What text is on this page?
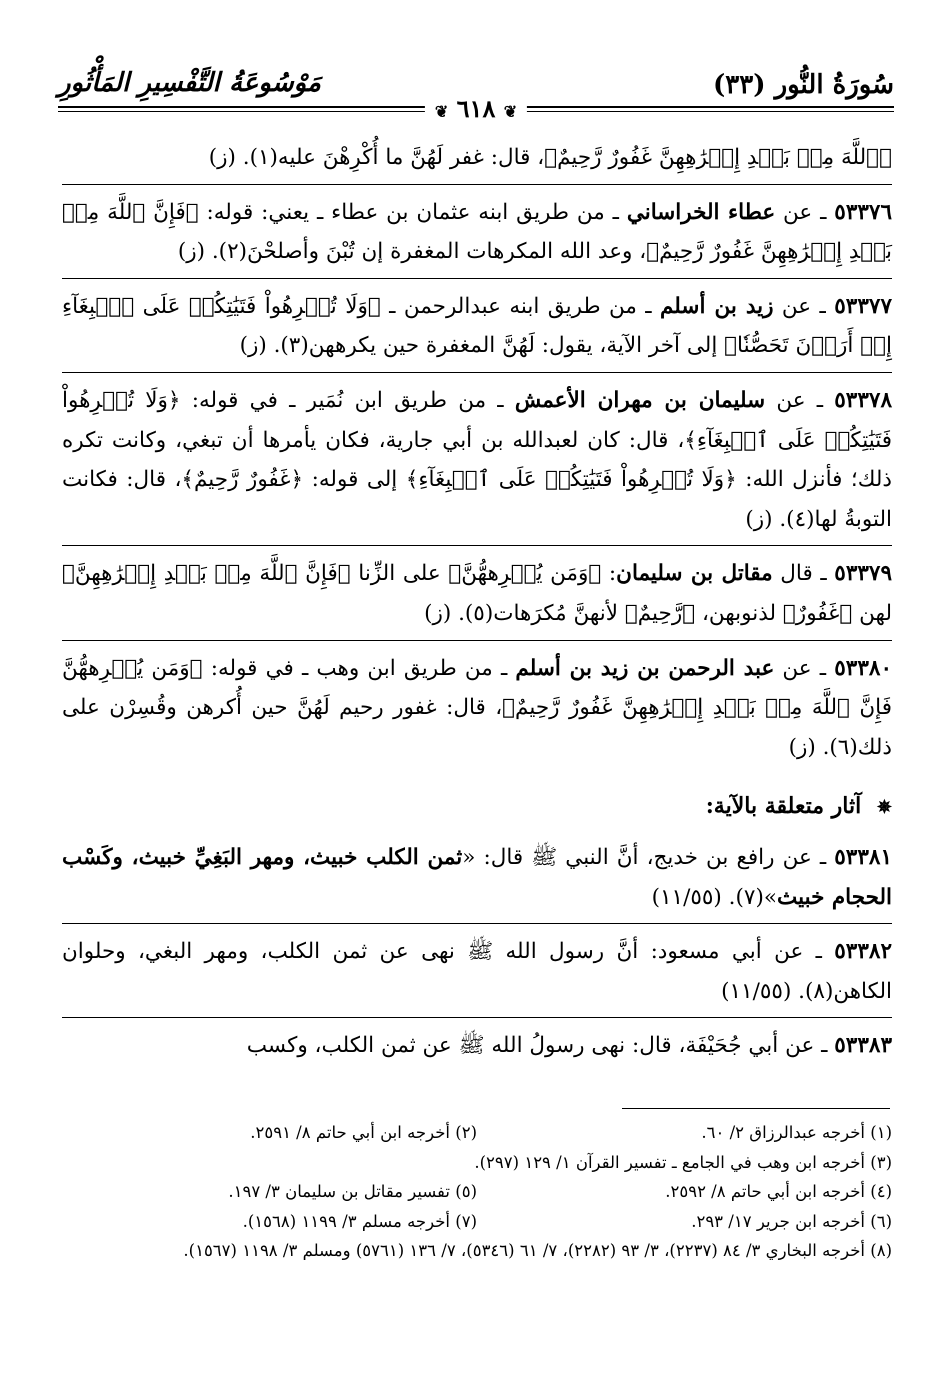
سُورَةُ النُّور (٣٣)
مَوْسُوعَةُ التَّفْسِيرِ المَأْثُورِ
❦ ٦١٨ ❦
﴿ٱللَّهَ مِنۢ بَعۡدِ إِكۡرَٰهِهِنَّ غَفُورٌ رَّحِيمٌ﴾، قال: غفر لَهُنَّ ما أُكْرِهْنَ عليه(١). (ز)
٥٣٣٧٦ ـ عن عطاء الخراساني ـ من طريق ابنه عثمان بن عطاء ـ يعني: قوله: ﴿فَإِنَّ ٱللَّهَ مِنۢ بَعۡدِ إِكۡرَٰهِهِنَّ غَفُورٌ رَّحِيمٌ﴾، وعد الله المكرهات المغفرة إن تُبْنَ وأصلحْنَ(٢). (ز)
٥٣٣٧٧ ـ عن زيد بن أسلم ـ من طريق ابنه عبدالرحمن ـ ﴿وَلَا تُكۡرِهُواْ فَتَيَٰتِكُمۡ عَلَى ٱلۡبِغَآءِ إِنۡ أَرَدۡنَ تَحَصُّنٗا﴾ إلى آخر الآية، يقول: لَهُنَّ المغفرة حين يكرههن(٣). (ز)
٥٣٣٧٨ ـ عن سليمان بن مهران الأعمش ـ من طريق ابن نُمَير ـ في قوله: ﴿وَلَا تُكۡرِهُواْ فَتَيَٰتِكُمۡ عَلَى ٱلۡبِغَآءِ﴾، قال: كان لعبدالله بن أبي جارية، فكان يأمرها أن تبغي، وكانت تكره ذلك؛ فأنزل الله: ﴿وَلَا تُكۡرِهُواْ فَتَيَٰتِكُمۡ عَلَى ٱلۡبِغَآءِ﴾ إلى قوله: ﴿غَفُورٌ رَّحِيمٌ﴾، قال: فكانت التوبةُ لها(٤). (ز)
٥٣٣٧٩ ـ قال مقاتل بن سليمان: ﴿وَمَن يُكۡرِههُّنَّ﴾ على الزِّنا ﴿فَإِنَّ ٱللَّهَ مِنۢ بَعۡدِ إِكۡرَٰهِهِنَّ﴾ لهن ﴿غَفُورٌ﴾ لذنوبهن، ﴿رَّحِيمٌ﴾ لأنهنَّ مُكرَهات(٥). (ز)
٥٣٣٨٠ ـ عن عبد الرحمن بن زيد بن أسلم ـ من طريق ابن وهب ـ في قوله: ﴿وَمَن يُكۡرِههُّنَّ فَإِنَّ ٱللَّهَ مِنۢ بَعۡدِ إِكۡرَٰهِهِنَّ غَفُورٌ رَّحِيمٌ﴾، قال: غفور رحيم لَهُنَّ حين أُكرهن وقُسِرْن على ذلك(٦). (ز)
✵ آثار متعلقة بالآية:
٥٣٣٨١ ـ عن رافع بن خديج، أنَّ النبي ﷺ قال: «ثمن الكلب خبيث، ومهر البَغِيِّ خبيث، وكَسْب الحجام خبيث»(٧). (١١/٥٥)
٥٣٣٨٢ ـ عن أبي مسعود: أنَّ رسول الله ﷺ نهى عن ثمن الكلب، ومهر البغي، وحلوان الكاهن(٨). (١١/٥٥)
٥٣٣٨٣ ـ عن أبي جُحَيْفَة، قال: نهى رسولُ الله ﷺ عن ثمن الكلب، وكسب
(١) أخرجه عبدالرزاق ٢/ ٦٠.
(٢) أخرجه ابن أبي حاتم ٨/ ٢٥٩١.
(٣) أخرجه ابن وهب في الجامع ـ تفسير القرآن ١/ ١٢٩ (٢٩٧).
(٤) أخرجه ابن أبي حاتم ٨/ ٢٥٩٢.
(٥) تفسير مقاتل بن سليمان ٣/ ١٩٧.
(٦) أخرجه ابن جرير ١٧/ ٢٩٣.
(٧) أخرجه مسلم ٣/ ١١٩٩ (١٥٦٨).
(٨) أخرجه البخاري ٣/ ٨٤ (٢٢٣٧)، ٣/ ٩٣ (٢٢٨٢)، ٧/ ٦١ (٥٣٤٦)، ٧/ ١٣٦ (٥٧٦١) ومسلم ٣/ ١١٩٨ (١٥٦٧).
